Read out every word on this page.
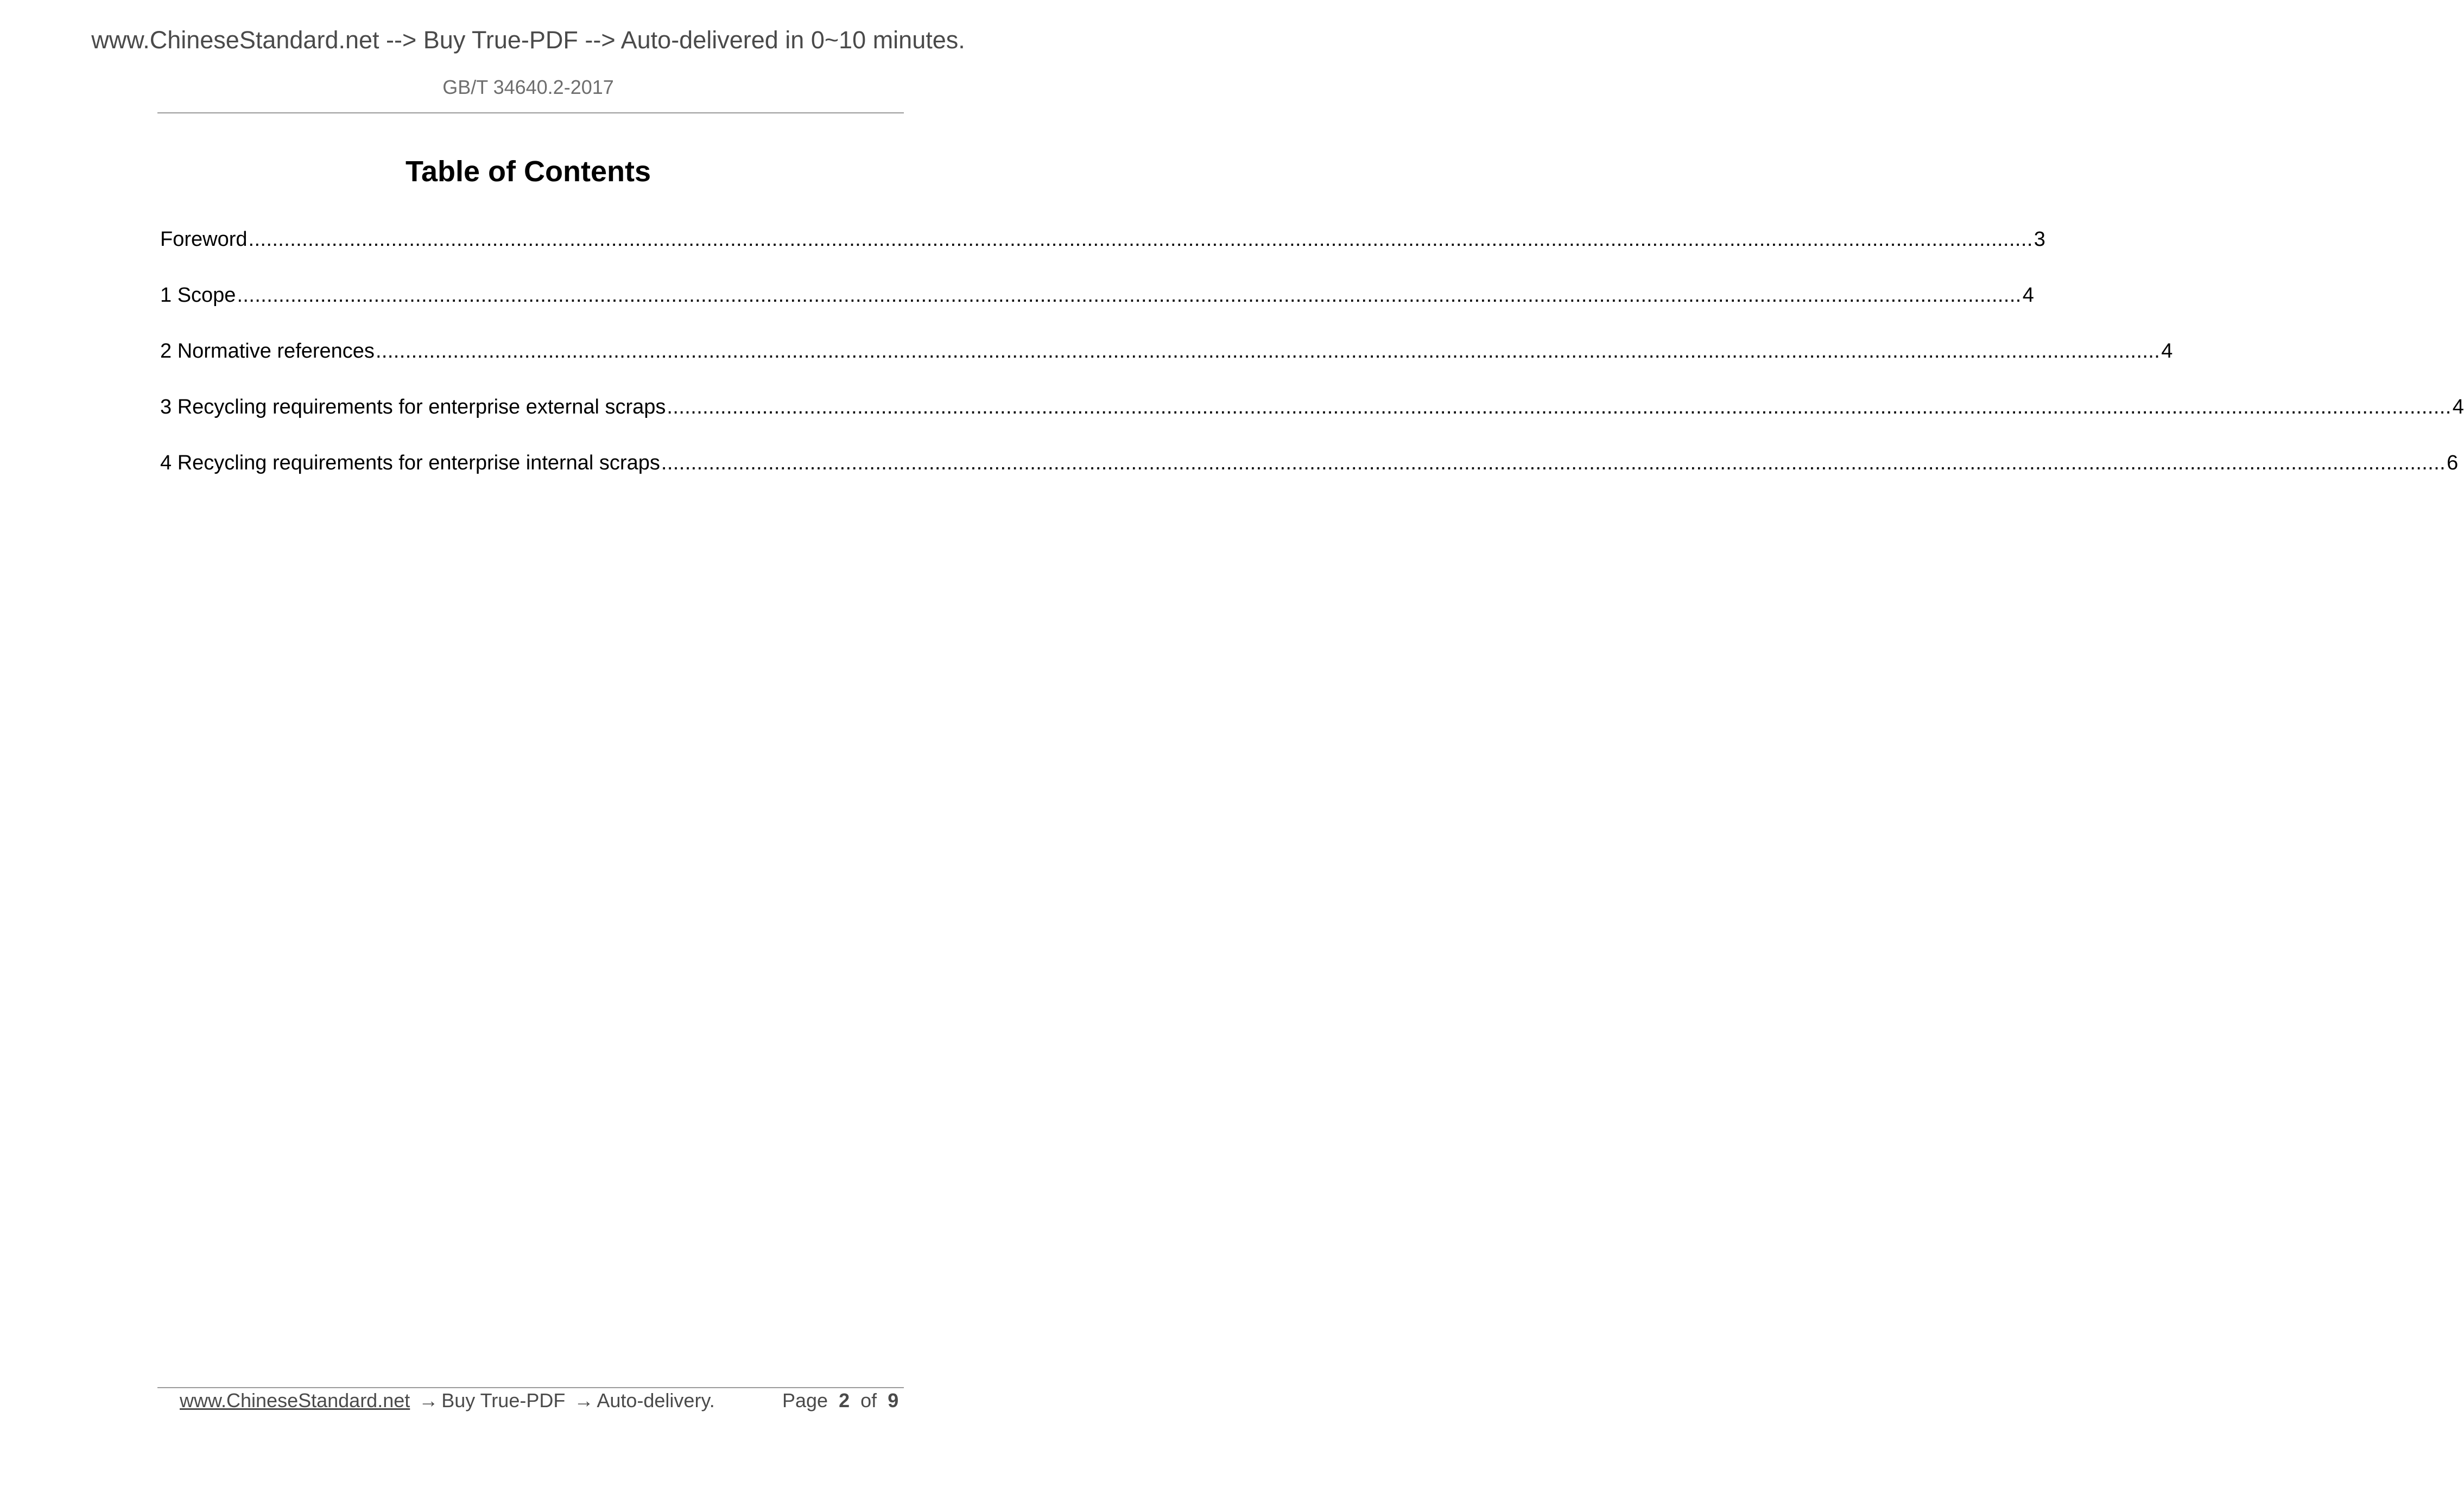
www.ChineseStandard.net --> Buy True-PDF --> Auto-delivered in 0~10 minutes.
GB/T 34640.2-2017
Table of Contents
Foreword ............................................................................................................................................................................................................................................................................................................ 3
1 Scope ............................................................................................................................................................................................................................................................................................................ 4
2 Normative references ............................................................................................................................................................................................................................................................................................................ 4
3 Recycling requirements for enterprise external scraps ............................................................................................................................................................................................................................................................................................................ 4
4 Recycling requirements for enterprise internal scraps ............................................................................................................................................................................................................................................................................................................ 6
www.ChineseStandard.net → Buy True-PDF → Auto-delivery.	Page 2 of 9
